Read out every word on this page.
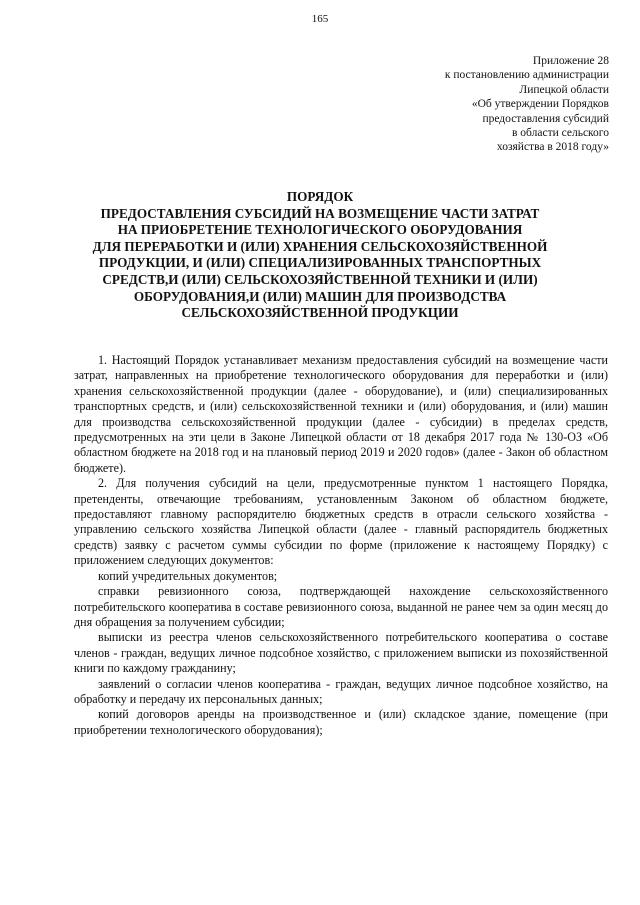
165
Приложение 28
к постановлению администрации
Липецкой области
«Об утверждении Порядков
предоставления субсидий
в области сельского
хозяйства в 2018 году»
ПОРЯДОК
ПРЕДОСТАВЛЕНИЯ СУБСИДИЙ НА ВОЗМЕЩЕНИЕ ЧАСТИ ЗАТРАТ
НА ПРИОБРЕТЕНИЕ ТЕХНОЛОГИЧЕСКОГО ОБОРУДОВАНИЯ
ДЛЯ ПЕРЕРАБОТКИ И (ИЛИ) ХРАНЕНИЯ СЕЛЬСКОХОЗЯЙСТВЕННОЙ
ПРОДУКЦИИ, И (ИЛИ) СПЕЦИАЛИЗИРОВАННЫХ ТРАНСПОРТНЫХ
СРЕДСТВ,И (ИЛИ) СЕЛЬСКОХОЗЯЙСТВЕННОЙ ТЕХНИКИ И (ИЛИ)
ОБОРУДОВАНИЯ,И (ИЛИ) МАШИН ДЛЯ ПРОИЗВОДСТВА
СЕЛЬСКОХОЗЯЙСТВЕННОЙ ПРОДУКЦИИ

1. Настоящий Порядок устанавливает механизм предоставления субсидий на возмещение части затрат, направленных на приобретение технологического оборудования для переработки и (или) хранения сельскохозяйственной продукции (далее - оборудование), и (или) специализированных транспортных средств, и (или) сельскохозяйственной техники и (или) оборудования, и (или) машин для производства сельскохозяйственной продукции (далее - субсидии) в пределах средств, предусмотренных на эти цели в Законе Липецкой области от 18 декабря 2017 года № 130-ОЗ «Об областном бюджете на 2018 год и на плановый период 2019 и 2020 годов» (далее - Закон об областном бюджете).

2. Для получения субсидий на цели, предусмотренные пунктом 1 настоящего Порядка, претенденты, отвечающие требованиям, установленным Законом об областном бюджете, предоставляют главному распорядителю бюджетных средств в отрасли сельского хозяйства - управлению сельского хозяйства Липецкой области (далее - главный распорядитель бюджетных средств) заявку с расчетом суммы субсидии по форме (приложение к настоящему Порядку) с приложением следующих документов:

копий учредительных документов;

справки ревизионного союза, подтверждающей нахождение сельскохозяйственного потребительского кооператива в составе ревизионного союза, выданной не ранее чем за один месяц до дня обращения за получением субсидии;

выписки из реестра членов сельскохозяйственного потребительского кооператива о составе членов - граждан, ведущих личное подсобное хозяйство, с приложением выписки из похозяйственной книги по каждому гражданину;

заявлений о согласии членов кооператива - граждан, ведущих личное подсобное хозяйство, на обработку и передачу их персональных данных;

копий договоров аренды на производственное и (или) складское здание, помещение (при приобретении технологического оборудования);
